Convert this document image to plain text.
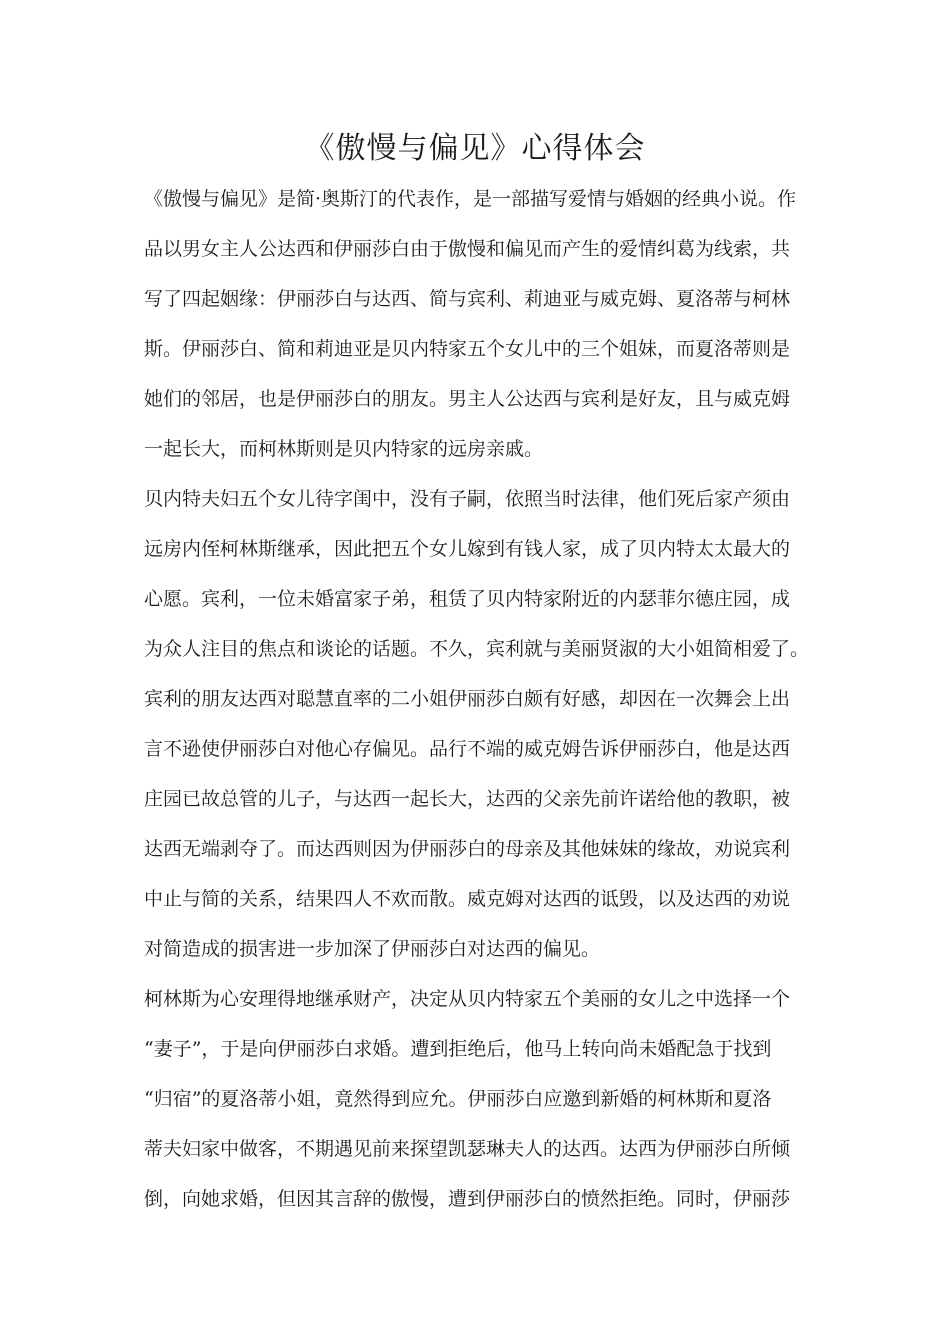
《傲慢与偏见》心得体会
《傲慢与偏见》是简·奥斯汀的代表作，是一部描写爱情与婚姻的经典小说。作
品以男女主人公达西和伊丽莎白由于傲慢和偏见而产生的爱情纠葛为线索，共
写了四起姻缘：伊丽莎白与达西、简与宾利、莉迪亚与威克姆、夏洛蒂与柯林
斯。伊丽莎白、简和莉迪亚是贝内特家五个女儿中的三个姐妹，而夏洛蒂则是
她们的邻居，也是伊丽莎白的朋友。男主人公达西与宾利是好友，且与威克姆
一起长大，而柯林斯则是贝内特家的远房亲戚。
贝内特夫妇五个女儿待字闺中，没有子嗣，依照当时法律，他们死后家产须由
远房内侄柯林斯继承，因此把五个女儿嫁到有钱人家，成了贝内特太太最大的
心愿。宾利，一位未婚富家子弟，租赁了贝内特家附近的内瑟菲尔德庄园，成
为众人注目的焦点和谈论的话题。不久，宾利就与美丽贤淑的大小姐简相爱了。
宾利的朋友达西对聪慧直率的二小姐伊丽莎白颇有好感，却因在一次舞会上出
言不逊使伊丽莎白对他心存偏见。品行不端的威克姆告诉伊丽莎白，他是达西
庄园已故总管的儿子，与达西一起长大，达西的父亲先前许诺给他的教职，被
达西无端剥夺了。而达西则因为伊丽莎白的母亲及其他妹妹的缘故，劝说宾利
中止与简的关系，结果四人不欢而散。威克姆对达西的诋毁，以及达西的劝说
对简造成的损害进一步加深了伊丽莎白对达西的偏见。
柯林斯为心安理得地继承财产，决定从贝内特家五个美丽的女儿之中选择一个
“妻子”，于是向伊丽莎白求婚。遭到拒绝后，他马上转向尚未婚配急于找到
“归宿”的夏洛蒂小姐，竟然得到应允。伊丽莎白应邀到新婚的柯林斯和夏洛
蒂夫妇家中做客，不期遇见前来探望凯瑟琳夫人的达西。达西为伊丽莎白所倾
倒，向她求婚，但因其言辞的傲慢，遭到伊丽莎白的愤然拒绝。同时，伊丽莎
